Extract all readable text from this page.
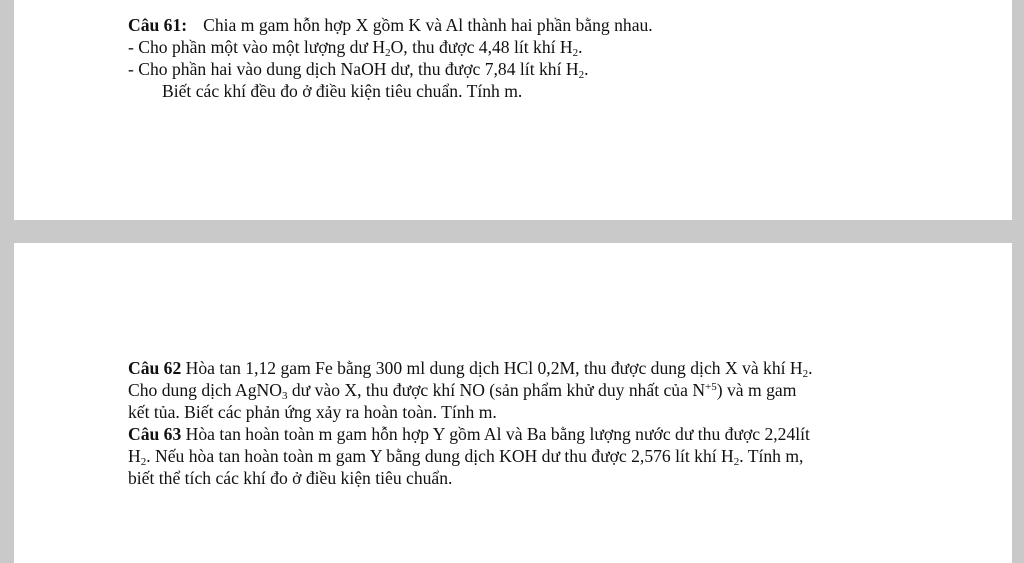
Câu 61: Chia m gam hỗn hợp X gồm K và Al thành hai phần bằng nhau.
- Cho phần một vào một lượng dư $H_2O$, thu được 4,48 lít khí $H_2$.
- Cho phần hai vào dung dịch NaOH dư, thu được 7,84 lít khí $H_2$.
Biết các khí đều đo ở điều kiện tiêu chuẩn. Tính m.
Câu 62 Hòa tan 1,12 gam Fe bằng 300 ml dung dịch HCl 0,2M, thu được dung dịch X và khí $H_2$.
Cho dung dịch AgNO$_3$ dư vào X, thu được khí NO (sản phẩm khử duy nhất của $N^{+5}$) và m gam
kết tủa. Biết các phản ứng xảy ra hoàn toàn. Tính m.
Câu 63 Hòa tan hoàn toàn m gam hỗn hợp Y gồm Al và Ba bằng lượng nước dư thu được 2,24lít
$H_2$. Nếu hòa tan hoàn toàn m gam Y bằng dung dịch KOH dư thu được 2,576 lít khí $H_2$. Tính m,
biết thể tích các khí đo ở điều kiện tiêu chuẩn.
